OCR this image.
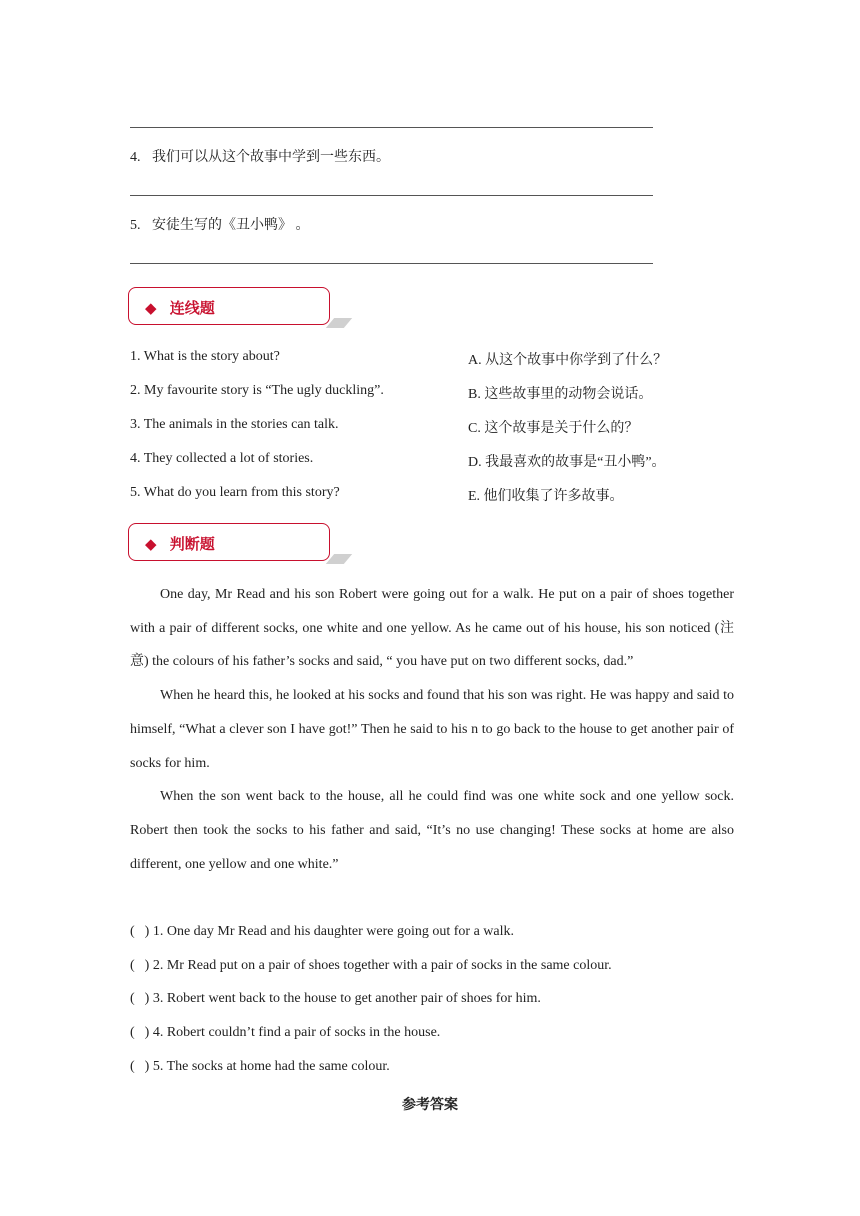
4. 我们可以从这个故事中学到一些东西。
5. 安徒生写的《丑小鸭》 。
◆ 连线题
1. What is the story about?
2. My favourite story is “The ugly duckling”.
3. The animals in the stories can talk.
4. They collected a lot of stories.
5. What do you learn from this story?
A. 从这个故事中你学到了什么？
B. 这些故事里的动物会说话。
C. 这个故事是关于什么的？
D. 我最喜欢的故事是“丑小鸭”。
E. 他们收集了许多故事。
◆ 判断题

One day, Mr Read and his son Robert were going out for a walk. He put on a pair of shoes together with a pair of different socks, one white and one yellow. As he came out of his house, his son noticed (注意) the colours of his father’s socks and said, “ you have put on two different socks, dad.”

When he heard this, he looked at his socks and found that his son was right. He was happy and said to himself, “What a clever son I have got!” Then he said to his n to go back to the house to get another pair of socks for him.

When the son went back to the house, all he could find was one white sock and one yellow sock. Robert then took the socks to his father and said, “It’s no use changing! These socks at home are also different, one yellow and one white.”

( ) 1. One day Mr Read and his daughter were going out for a walk.
( ) 2. Mr Read put on a pair of shoes together with a pair of socks in the same colour.
( ) 3. Robert went back to the house to get another pair of shoes for him.
( ) 4. Robert couldn’t find a pair of socks in the house.
( ) 5. The socks at home had the same colour.
参考答案
